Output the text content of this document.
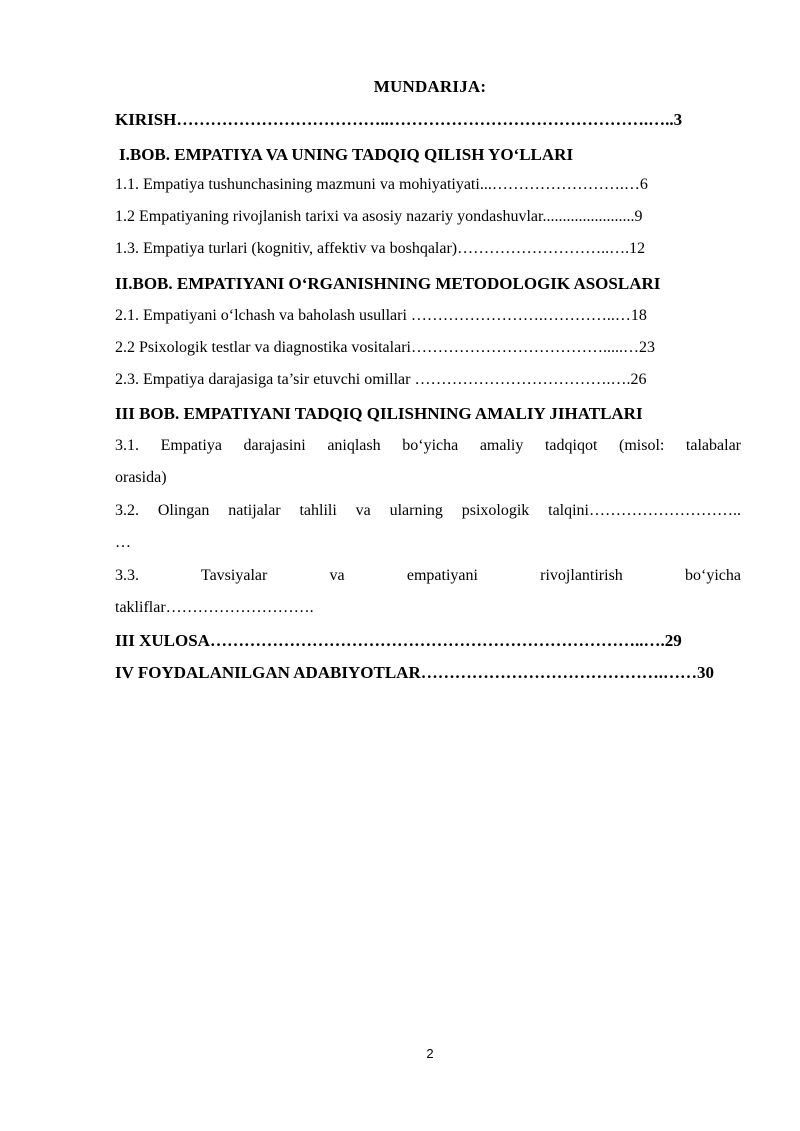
MUNDARIJA:
KIRISH………………………………..……………………………………….…..3
I.BOB. EMPATIYA VA UNING TADQIQ QILISH YO‘LLARI
1.1. Empatiya tushunchasining mazmuni va mohiyatiyati...…………………….…6
1.2 Empatiyaning rivojlanish tarixi va asosiy nazariy yondashuvlar.......................9
1.3. Empatiya turlari (kognitiv, affektiv va boshqalar)………………………..….12
II.BOB. EMPATIYANI O‘RGANISHNING METODOLOGIK ASOSLARI
2.1. Empatiyani o‘lchash va baholash usullari …………………….…………..…18
2.2 Psixologik testlar va diagnostika vositalari……………………………….....…23
2.3. Empatiya darajasiga ta’sir etuvchi omillar ……………………………….….26
III BOB. EMPATIYANI TADQIQ QILISHNING AMALIY JIHATLARI
3.1. Empatiya darajasini aniqlash bo‘yicha amaliy tadqiqot (misol: talabalar
orasida)
3.2. Olingan natijalar tahlili va ularning psixologik talqini………………………..
…
3.3. Tavsiyalar va empatiyani rivojlantirish bo‘yicha
takliflar……………………….
III XULOSA…………………………………………………………………..….29
IV FOYDALANILGAN ADABIYOTLAR…………………………………….……30
2
